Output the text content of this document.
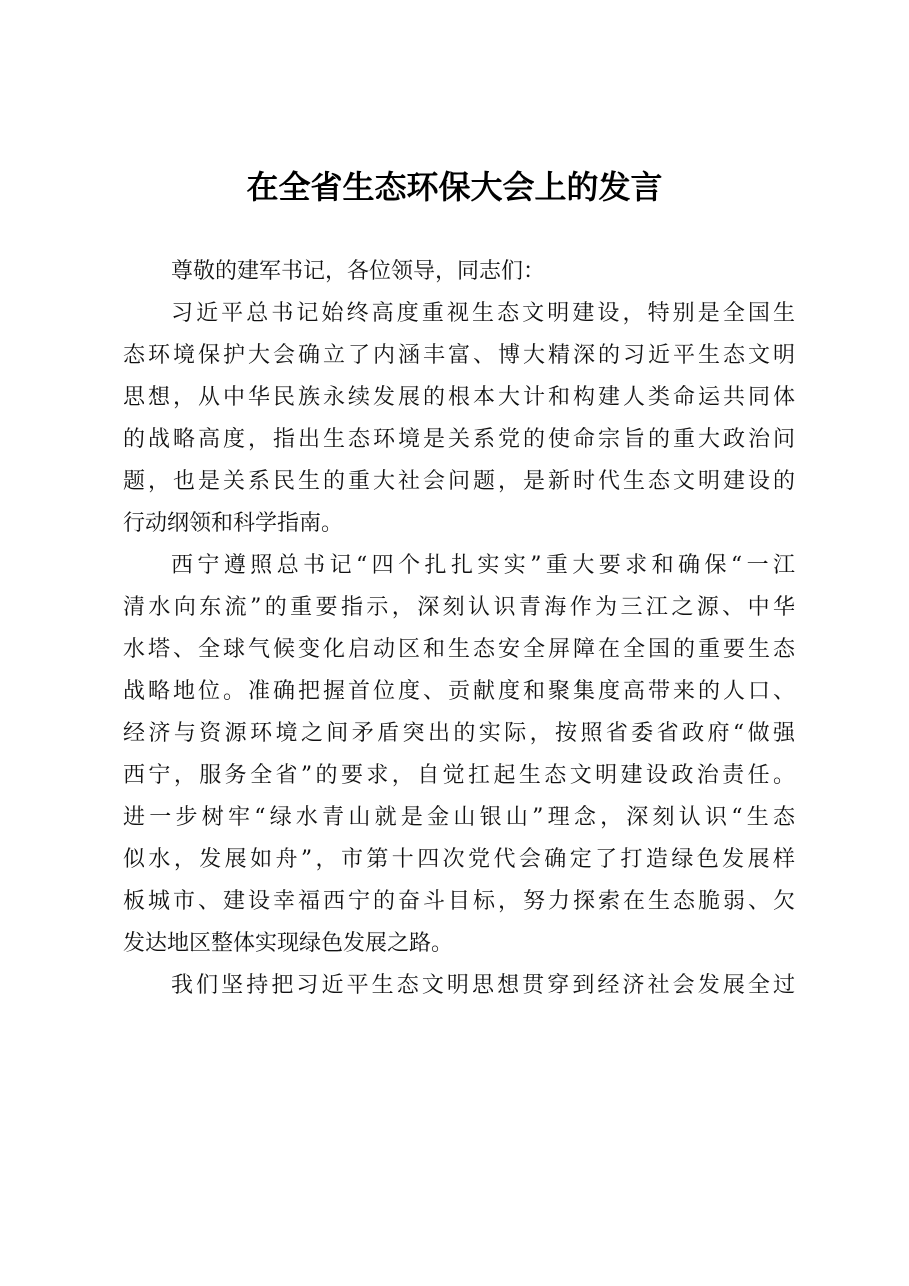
在全省生态环保大会上的发言
尊敬的建军书记，各位领导，同志们：
习近平总书记始终高度重视生态文明建设，特别是全国生
态环境保护大会确立了内涵丰富、博大精深的习近平生态文明
思想，从中华民族永续发展的根本大计和构建人类命运共同体
的战略高度，指出生态环境是关系党的使命宗旨的重大政治问
题，也是关系民生的重大社会问题，是新时代生态文明建设的
行动纲领和科学指南。
西宁遵照总书记“四个扎扎实实”重大要求和确保“一江
清水向东流”的重要指示，深刻认识青海作为三江之源、中华
水塔、全球气候变化启动区和生态安全屏障在全国的重要生态
战略地位。准确把握首位度、贡献度和聚集度高带来的人口、
经济与资源环境之间矛盾突出的实际，按照省委省政府“做强
西宁，服务全省”的要求，自觉扛起生态文明建设政治责任。
进一步树牢“绿水青山就是金山银山”理念，深刻认识“生态
似水，发展如舟”，市第十四次党代会确定了打造绿色发展样
板城市、建设幸福西宁的奋斗目标，努力探索在生态脆弱、欠
发达地区整体实现绿色发展之路。
我们坚持把习近平生态文明思想贯穿到经济社会发展全过
